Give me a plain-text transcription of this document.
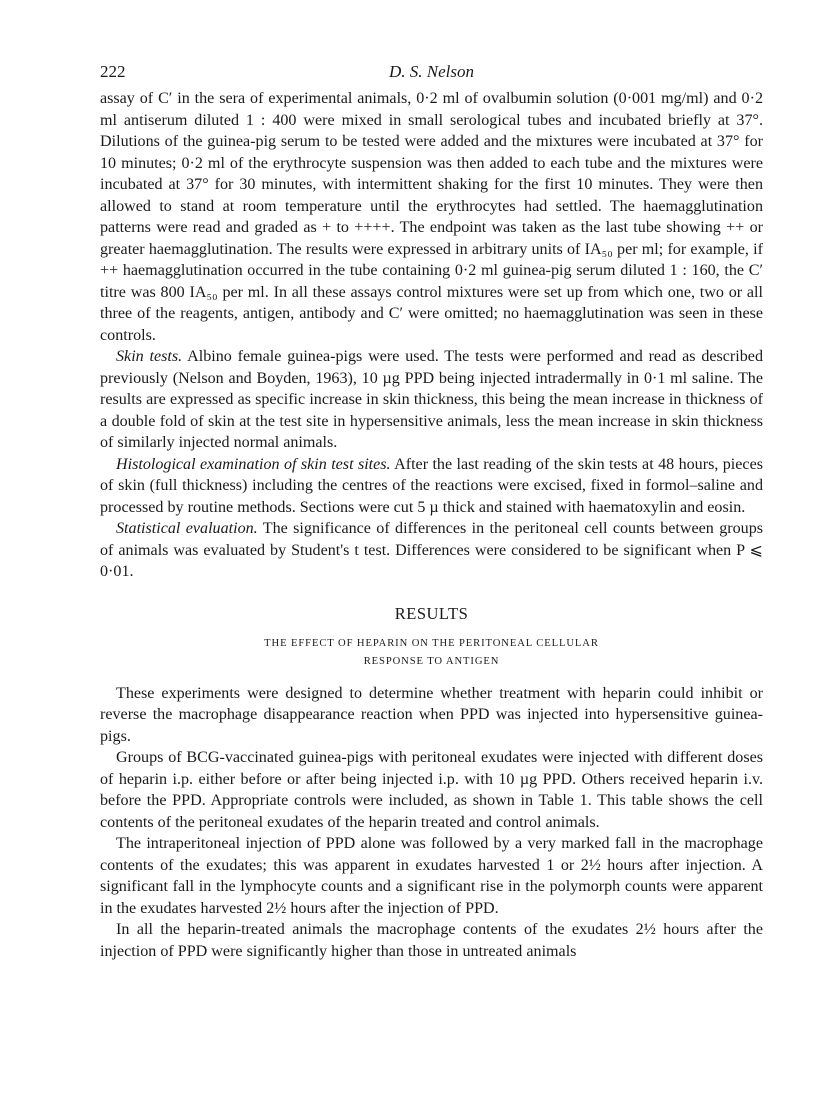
222	D. S. Nelson

assay of C′ in the sera of experimental animals, 0·2 ml of ovalbumin solution (0·001 mg/ml) and 0·2 ml antiserum diluted 1 : 400 were mixed in small serological tubes and incubated briefly at 37°. Dilutions of the guinea-pig serum to be tested were added and the mixtures were incubated at 37° for 10 minutes; 0·2 ml of the erythrocyte suspension was then added to each tube and the mixtures were incubated at 37° for 30 minutes, with intermittent shaking for the first 10 minutes. They were then allowed to stand at room temperature until the erythrocytes had settled. The haemagglutination patterns were read and graded as + to ++++. The endpoint was taken as the last tube showing ++ or greater haemagglutination. The results were expressed in arbitrary units of IA₅₀ per ml; for example, if ++ haemagglutination occurred in the tube containing 0·2 ml guinea-pig serum diluted 1 : 160, the C′ titre was 800 IA₅₀ per ml. In all these assays control mixtures were set up from which one, two or all three of the reagents, antigen, antibody and C′ were omitted; no haemagglutination was seen in these controls.

Skin tests. Albino female guinea-pigs were used. The tests were performed and read as described previously (Nelson and Boyden, 1963), 10 µg PPD being injected intradermally in 0·1 ml saline. The results are expressed as specific increase in skin thickness, this being the mean increase in thickness of a double fold of skin at the test site in hypersensitive animals, less the mean increase in skin thickness of similarly injected normal animals.

Histological examination of skin test sites. After the last reading of the skin tests at 48 hours, pieces of skin (full thickness) including the centres of the reactions were excised, fixed in formol–saline and processed by routine methods. Sections were cut 5 µ thick and stained with haematoxylin and eosin.

Statistical evaluation. The significance of differences in the peritoneal cell counts between groups of animals was evaluated by Student's t test. Differences were considered to be significant when P ⩽ 0·01.

RESULTS
THE EFFECT OF HEPARIN ON THE PERITONEAL CELLULAR
RESPONSE TO ANTIGEN

These experiments were designed to determine whether treatment with heparin could inhibit or reverse the macrophage disappearance reaction when PPD was injected into hypersensitive guinea-pigs.

Groups of BCG-vaccinated guinea-pigs with peritoneal exudates were injected with different doses of heparin i.p. either before or after being injected i.p. with 10 µg PPD. Others received heparin i.v. before the PPD. Appropriate controls were included, as shown in Table 1. This table shows the cell contents of the peritoneal exudates of the heparin treated and control animals.

The intraperitoneal injection of PPD alone was followed by a very marked fall in the macrophage contents of the exudates; this was apparent in exudates harvested 1 or 2½ hours after injection. A significant fall in the lymphocyte counts and a significant rise in the polymorph counts were apparent in the exudates harvested 2½ hours after the injection of PPD.

In all the heparin-treated animals the macrophage contents of the exudates 2½ hours after the injection of PPD were significantly higher than those in untreated animals
